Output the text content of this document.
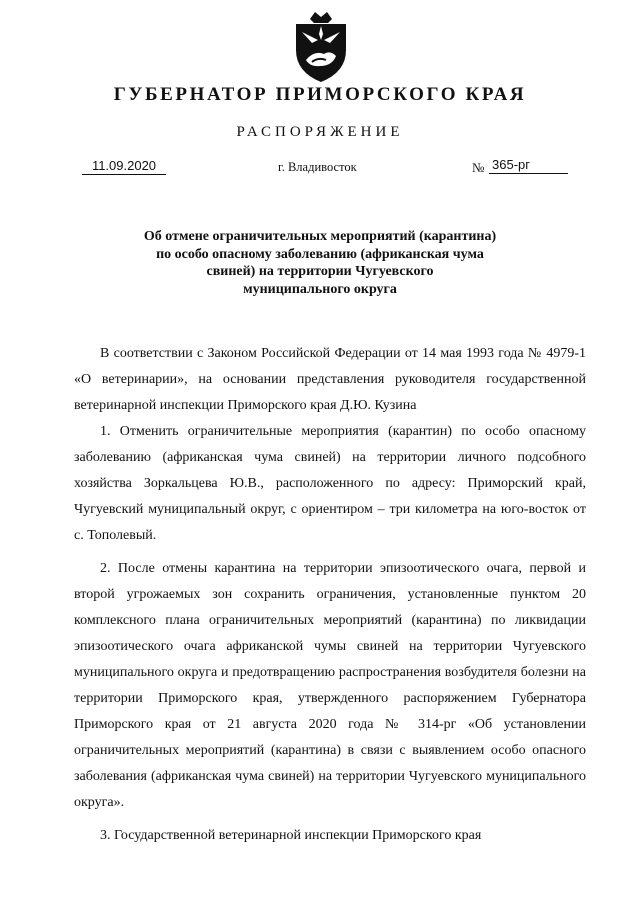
ГУБЕРНАТОР ПРИМОРСКОГО КРАЯ
РАСПОРЯЖЕНИЕ
11.09.2020	г. Владивосток	№ 365-рг
Об отмене ограничительных мероприятий (карантина)
по особо опасному заболеванию (африканская чума
свиней) на территории Чугуевского
муниципального округа

В соответствии с Законом Российской Федерации от 14 мая 1993 года № 4979-1 «О ветеринарии», на основании представления руководителя государственной ветеринарной инспекции Приморского края Д.Ю. Кузина

1. Отменить ограничительные мероприятия (карантин) по особо опасному заболеванию (африканская чума свиней) на территории личного подсобного хозяйства Зоркальцева Ю.В., расположенного по адресу: Приморский край, Чугуевский муниципальный округ, с ориентиром – три километра на юго-восток от с. Тополевый.

2. После отмены карантина на территории эпизоотического очага, первой и второй угрожаемых зон сохранить ограничения, установленные пунктом 20 комплексного плана ограничительных мероприятий (карантина) по ликвидации эпизоотического очага африканской чумы свиней на территории Чугуевского муниципального округа и предотвращению распространения возбудителя болезни на территории Приморского края, утвержденного распоряжением Губернатора Приморского края от 21 августа 2020 года № 314-рг «Об установлении ограничительных мероприятий (карантина) в связи с выявлением особо опасного заболевания (африканская чума свиней) на территории Чугуевского муниципального округа».

3. Государственной ветеринарной инспекции Приморского края
